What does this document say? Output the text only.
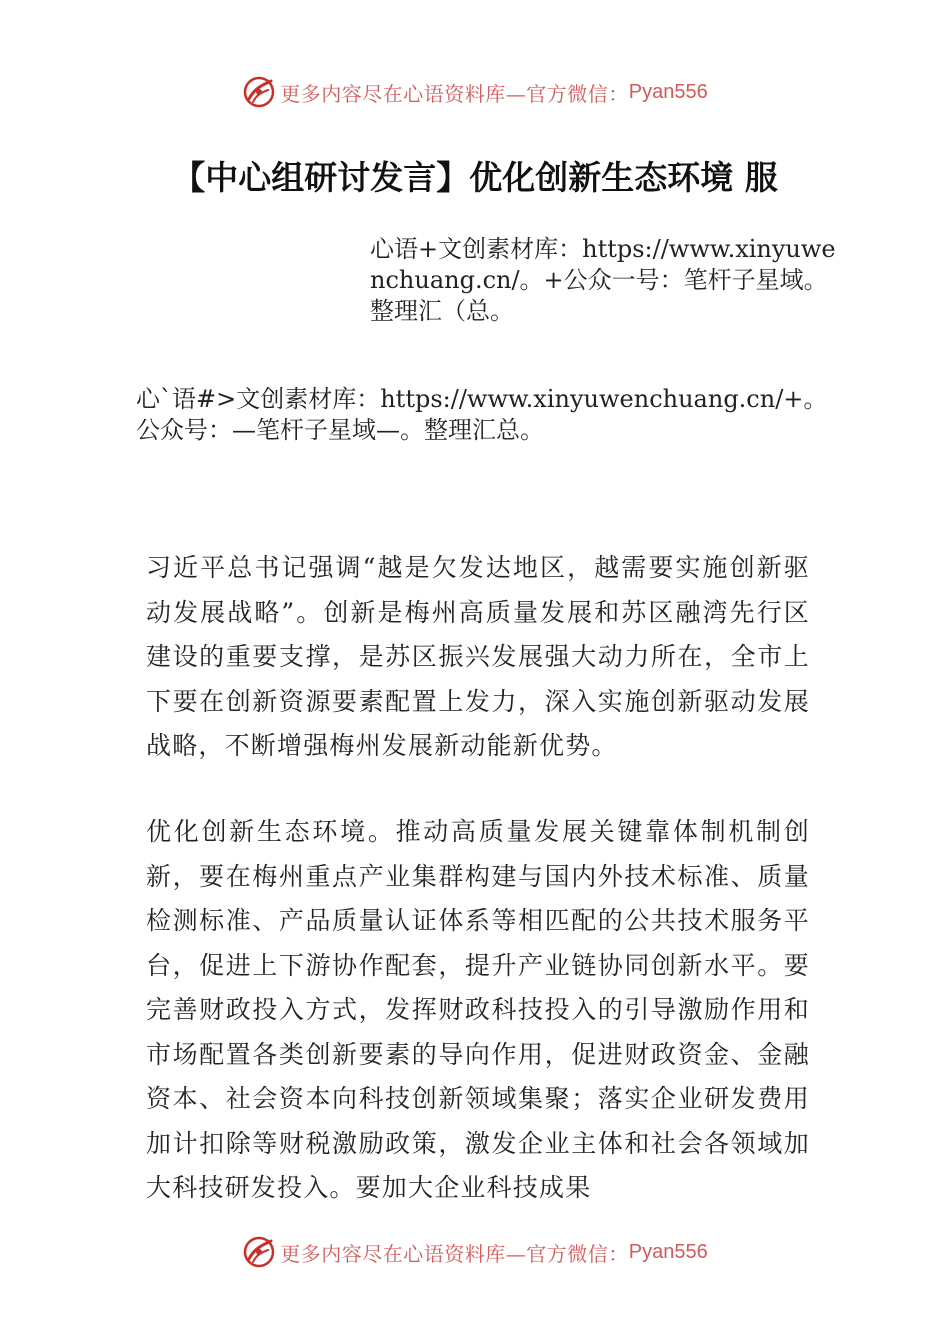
更多内容尽在心语资料库—官方微信： Pyan556
【中心组研讨发言】优化创新生态环境 服
心语+文创素材库：https://www.xinyuwenchuang.cn/。+公众一号：笔杆子星域。整理汇（总。
心`语#>文创素材库：https://www.xinyuwenchuang.cn/+。公众号：—笔杆子星域—。整理汇总。
习近平总书记强调“越是欠发达地区，越需要实施创新驱动发展战略”。创新是梅州高质量发展和苏区融湾先行区建设的重要支撑，是苏区振兴发展强大动力所在，全市上下要在创新资源要素配置上发力，深入实施创新驱动发展战略，不断增强梅州发展新动能新优势。
优化创新生态环境。推动高质量发展关键靠体制机制创新，要在梅州重点产业集群构建与国内外技术标准、质量检测标准、产品质量认证体系等相匹配的公共技术服务平台，促进上下游协作配套，提升产业链协同创新水平。要完善财政投入方式，发挥财政科技投入的引导激励作用和市场配置各类创新要素的导向作用，促进财政资金、金融资本、社会资本向科技创新领域集聚；落实企业研发费用加计扣除等财税激励政策，激发企业主体和社会各领域加大科技研发投入。要加大企业科技成果
更多内容尽在心语资料库—官方微信： Pyan556
